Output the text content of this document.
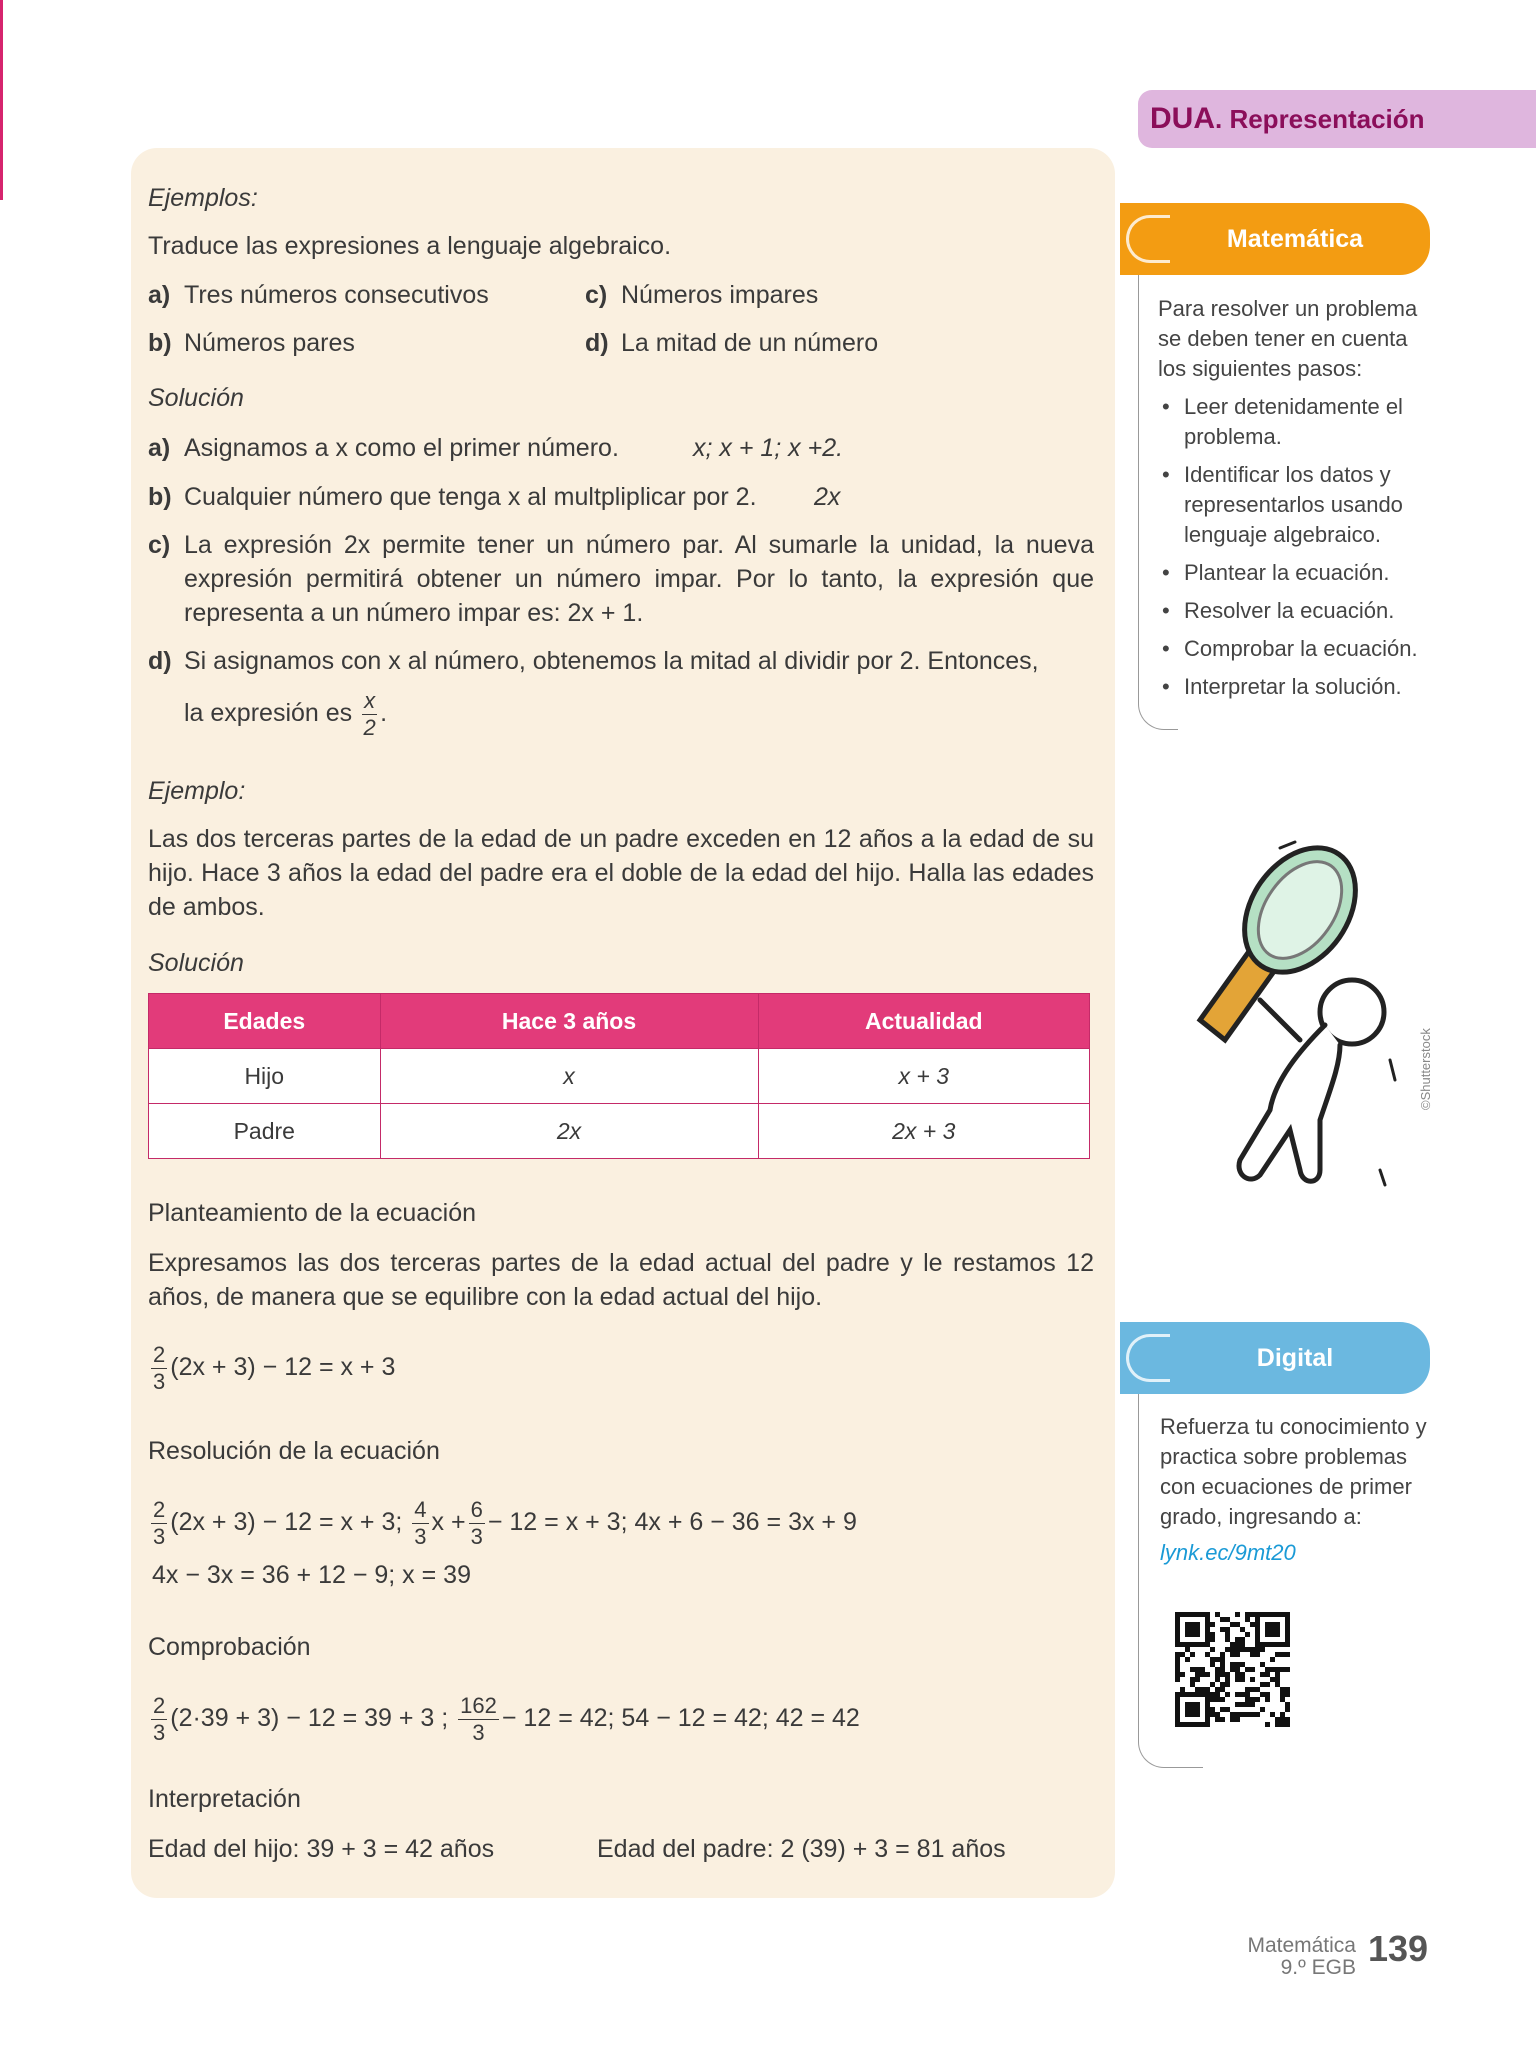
Ejemplos:
Traduce las expresiones a lenguaje algebraico.
a) Tres números consecutivos
b) Números pares
c) Números impares
d) La mitad de un número
Solución
a) Asignamos a x como el primer número.	x; x + 1; x +2.
b) Cualquier número que tenga x al multpliplicar por 2. 2x
c) La expresión 2x permite tener un número par. Al sumarle la unidad, la nueva expresión permitirá obtener un número impar. Por lo tanto, la expresión que representa a un número impar es: 2x + 1.
d) Si asignamos con x al número, obtenemos la mitad al dividir por 2. Entonces,
la expresión es $\frac{x}{2}$ .
Ejemplo:
Las dos terceras partes de la edad de un padre exceden en 12 años a la edad de su hijo. Hace 3 años la edad del padre era el doble de la edad del hijo. Halla las edades de ambos.
Solución
Edades	Hace 3 años	Actualidad
Hijo	x	x + 3
Padre	2x	2x + 3
Planteamiento de la ecuación
Expresamos las dos terceras partes de la edad actual del padre y le restamos 12 años, de manera que se equilibre con la edad actual del hijo.
$\frac{2}{3} (2x + 3) - 12 = x + 3$
Resolución de la ecuación
$\frac{2}{3} (2x + 3) - 12 = x + 3$; $\frac{4}{3}$ $x + \frac{6}{3} - 12 = x + 3$; 4x + 6 − 36 = 3x + 9
4x − 3x = 36 + 12 − 9; x = 39
Comprobación
$\frac{2}{3} (2\cdot 39 + 3) - 12 = 39 + 3$ ; $\frac{162}{3} - 12 = 42$; 54 − 12 = 42; 42 = 42
Interpretación
Edad del hijo: 39 + 3 = 42 años	Edad del padre: 2 (39) + 3 = 81 años
DUA. Representación
Matemática

Para resolver un problema se deben tener en cuenta los siguientes pasos:

• Leer detenidamente el problema.
• Identificar los datos y representarlos usando lenguaje algebraico.
• Plantear la ecuación.
• Resolver la ecuación.
• Comprobar la ecuación.
• Interpretar la solución.
©Shutterstock
Digital

Refuerza tu conocimiento y practica sobre problemas con ecuaciones de primer grado, ingresando a:

lynk.ec/9mt20

Matemática
9.º EGB 139
